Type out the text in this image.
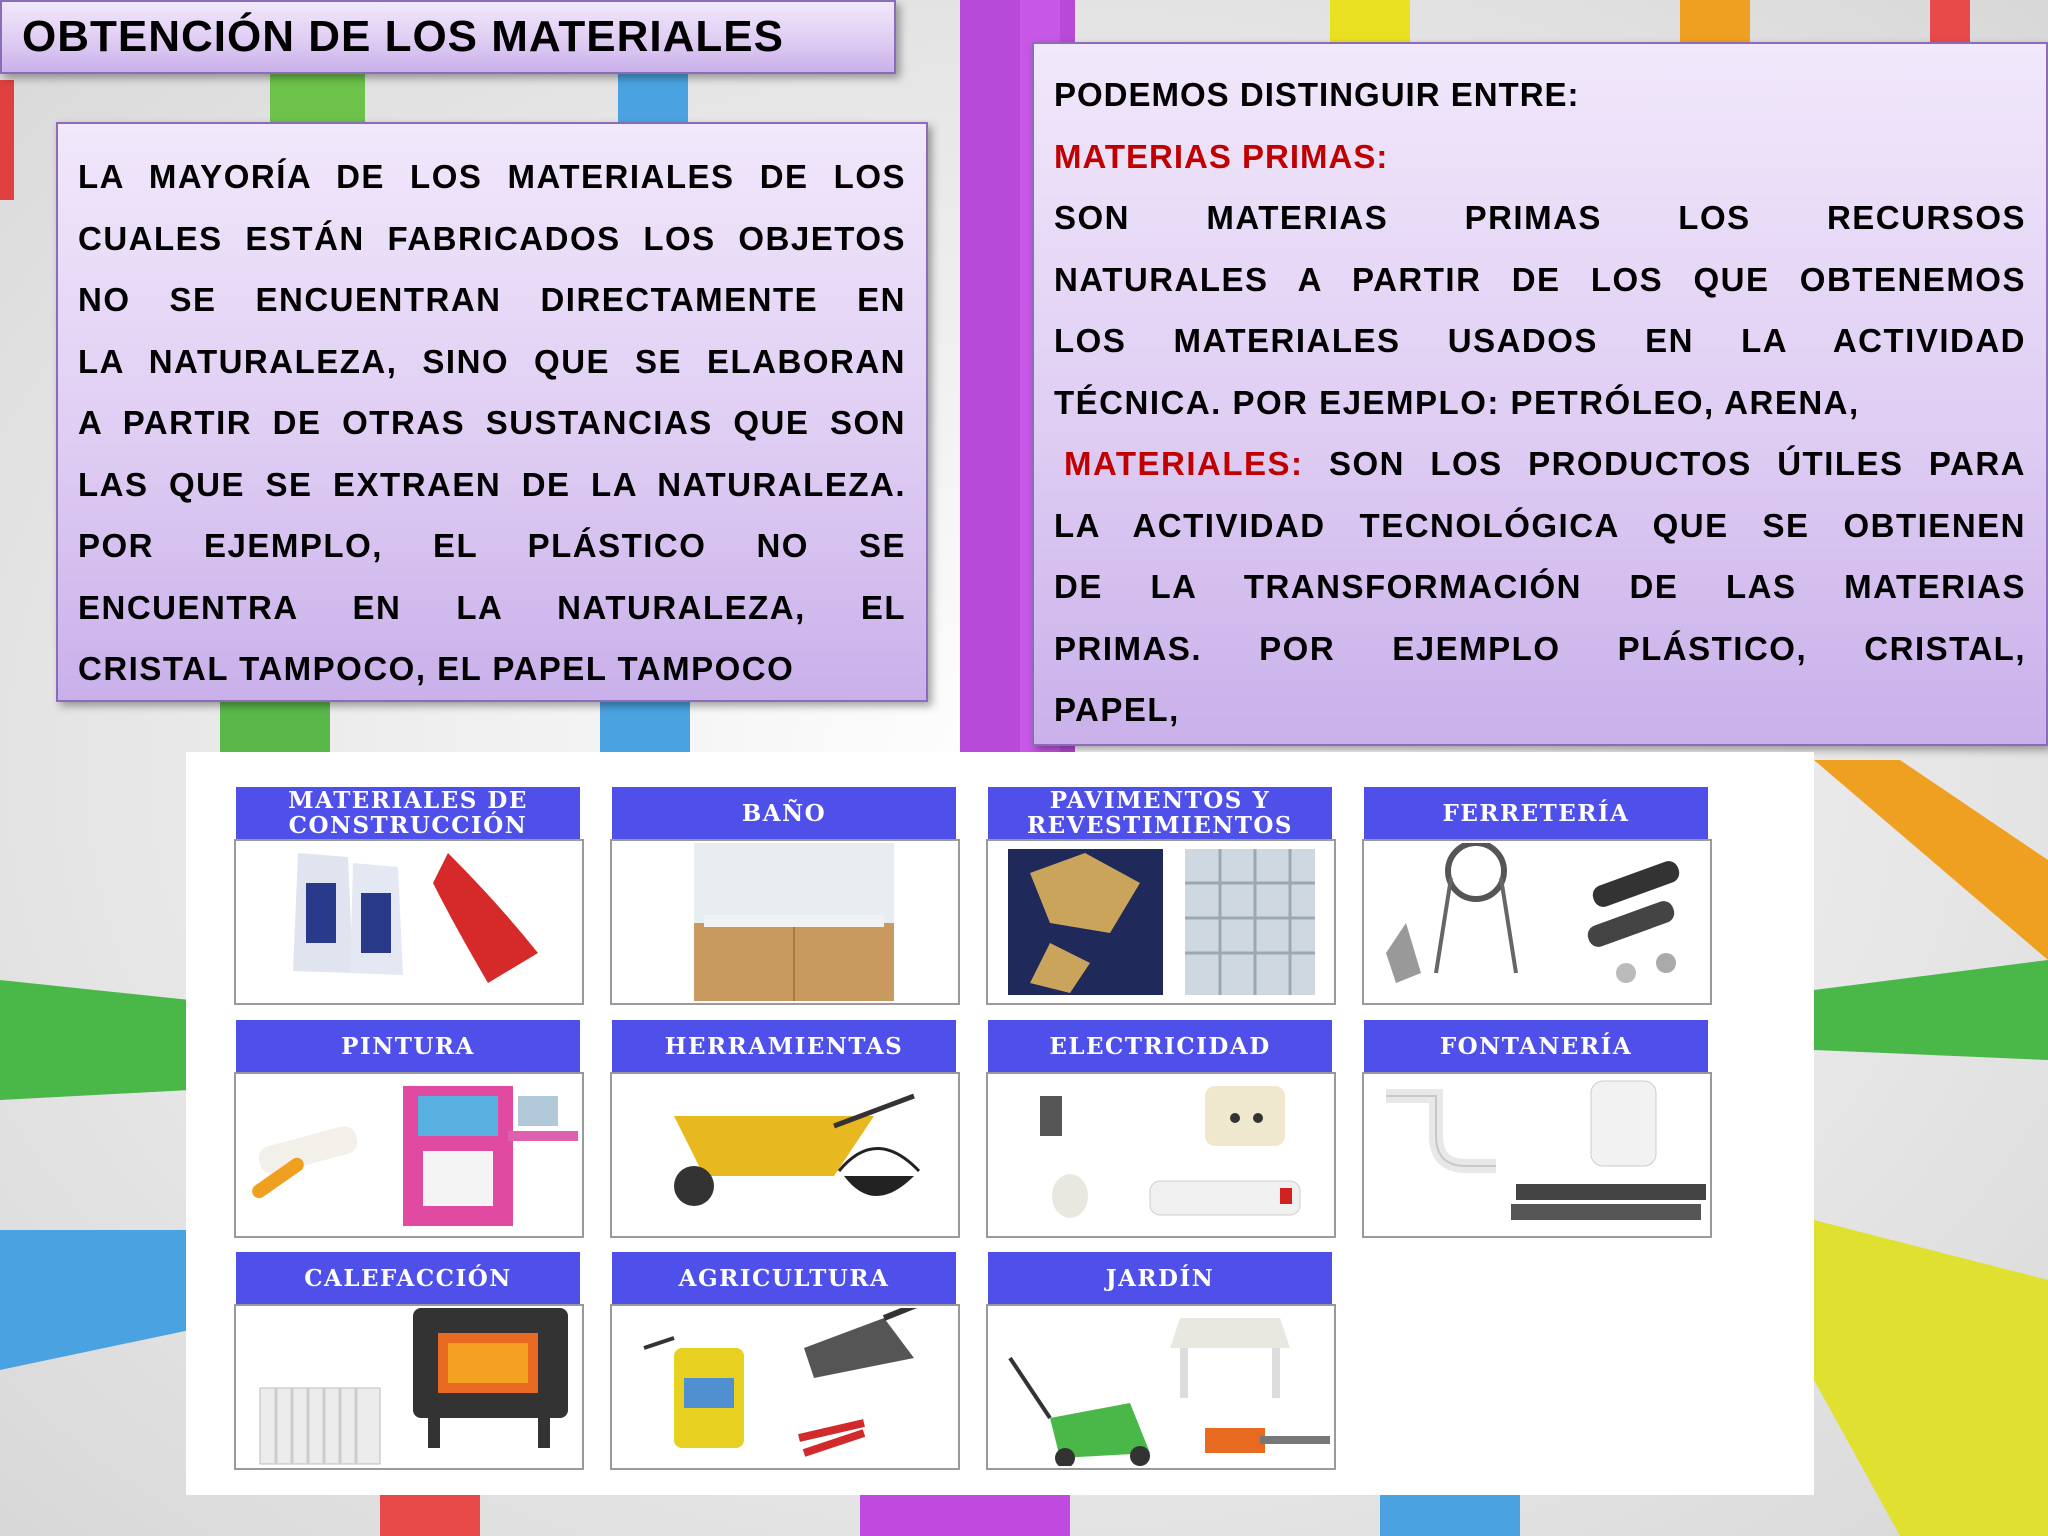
OBTENCIÓN DE LOS MATERIALES

LA MAYORÍA DE LOS MATERIALES DE LOS
CUALES ESTÁN FABRICADOS LOS OBJETOS
NO SE ENCUENTRAN DIRECTAMENTE EN
LA NATURALEZA, SINO QUE SE ELABORAN
A PARTIR DE OTRAS SUSTANCIAS QUE SON
LAS QUE SE EXTRAEN DE LA NATURALEZA.
POR EJEMPLO, EL PLÁSTICO NO SE
ENCUENTRA EN LA NATURALEZA, EL
CRISTAL TAMPOCO, EL PAPEL TAMPOCO

PODEMOS DISTINGUIR ENTRE:

MATERIAS PRIMAS:

SON MATERIAS PRIMAS LOS RECURSOS
NATURALES A PARTIR DE LOS QUE OBTENEMOS
LOS MATERIALES USADOS EN LA ACTIVIDAD
TÉCNICA. POR EJEMPLO: PETRÓLEO, ARENA,

MATERIALES: SON LOS PRODUCTOS ÚTILES PARA
LA ACTIVIDAD TECNOLÓGICA QUE SE OBTIENEN
DE LA TRANSFORMACIÓN DE LAS MATERIAS
PRIMAS. POR EJEMPLO PLÁSTICO, CRISTAL,
PAPEL,

MATERIALES DE CONSTRUCCIÓN	BAÑO	PAVIMENTOS Y REVESTIMIENTOS	FERRETERÍA
PINTURA	HERRAMIENTAS	ELECTRICIDAD	FONTANERÍA
CALEFACCIÓN	AGRICULTURA	JARDÍN
